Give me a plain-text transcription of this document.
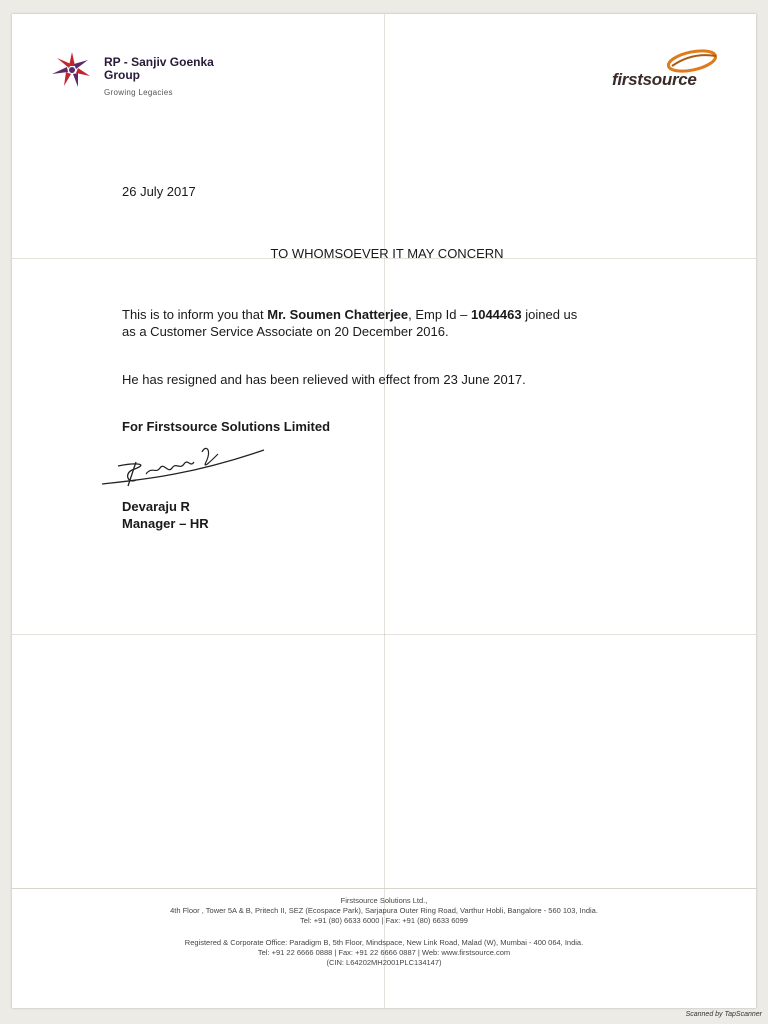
RP - Sanjiv Goenka
Group
Growing Legacies
firstsource
26 July 2017
TO WHOMSOEVER IT MAY CONCERN
This is to inform you that Mr. Soumen Chatterjee, Emp Id – 1044463 joined us
as a Customer Service Associate on 20 December 2016.
He has resigned and has been relieved with effect from 23 June 2017.
For Firstsource Solutions Limited
Devaraju R
Manager – HR
Firstsource Solutions Ltd.,
4th Floor , Tower 5A & B, Pritech II, SEZ (Ecospace Park), Sarjapura Outer Ring Road, Varthur Hobli, Bangalore - 560 103, India.
Tel: +91 (80) 6633 6000 | Fax: +91 (80) 6633 6099
Registered & Corporate Office: Paradigm B, 5th Floor, Mindspace, New Link Road, Malad (W), Mumbai - 400 064, India.
Tel: +91 22 6666 0888 | Fax: +91 22 6666 0887 | Web: www.firstsource.com
(CIN: L64202MH2001PLC134147)
Scanned by TapScanner
